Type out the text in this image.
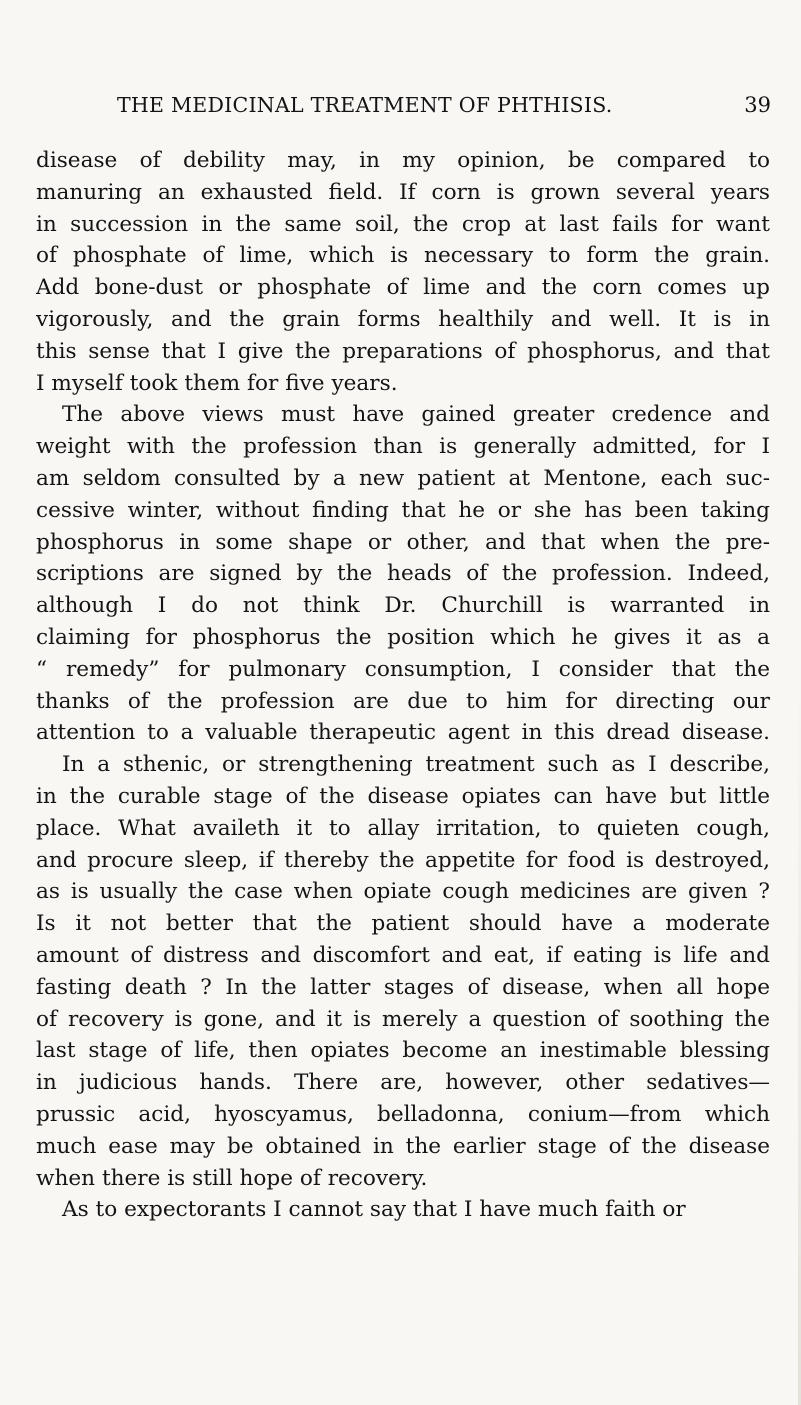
THE MEDICINAL TREATMENT OF PHTHISIS.	39
disease of debility may, in my opinion, be compared to
manuring an exhausted field. If corn is grown several years
in succession in the same soil, the crop at last fails for want
of phosphate of lime, which is necessary to form the grain.
Add bone-dust or phosphate of lime and the corn comes up
vigorously, and the grain forms healthily and well. It is in
this sense that I give the preparations of phosphorus, and that
I myself took them for five years.
The above views must have gained greater credence and
weight with the profession than is generally admitted, for I
am seldom consulted by a new patient at Mentone, each suc-
cessive winter, without finding that he or she has been taking
phosphorus in some shape or other, and that when the pre-
scriptions are signed by the heads of the profession. Indeed,
although I do not think Dr. Churchill is warranted in
claiming for phosphorus the position which he gives it as a
“ remedy” for pulmonary consumption, I consider that the
thanks of the profession are due to him for directing our
attention to a valuable therapeutic agent in this dread disease.
In a sthenic, or strengthening treatment such as I describe,
in the curable stage of the disease opiates can have but little
place. What availeth it to allay irritation, to quieten cough,
and procure sleep, if thereby the appetite for food is destroyed,
as is usually the case when opiate cough medicines are given ?
Is it not better that the patient should have a moderate
amount of distress and discomfort and eat, if eating is life and
fasting death ? In the latter stages of disease, when all hope
of recovery is gone, and it is merely a question of soothing the
last stage of life, then opiates become an inestimable blessing
in judicious hands. There are, however, other sedatives—
prussic acid, hyoscyamus, belladonna, conium—from which
much ease may be obtained in the earlier stage of the disease
when there is still hope of recovery.
As to expectorants I cannot say that I have much faith or
